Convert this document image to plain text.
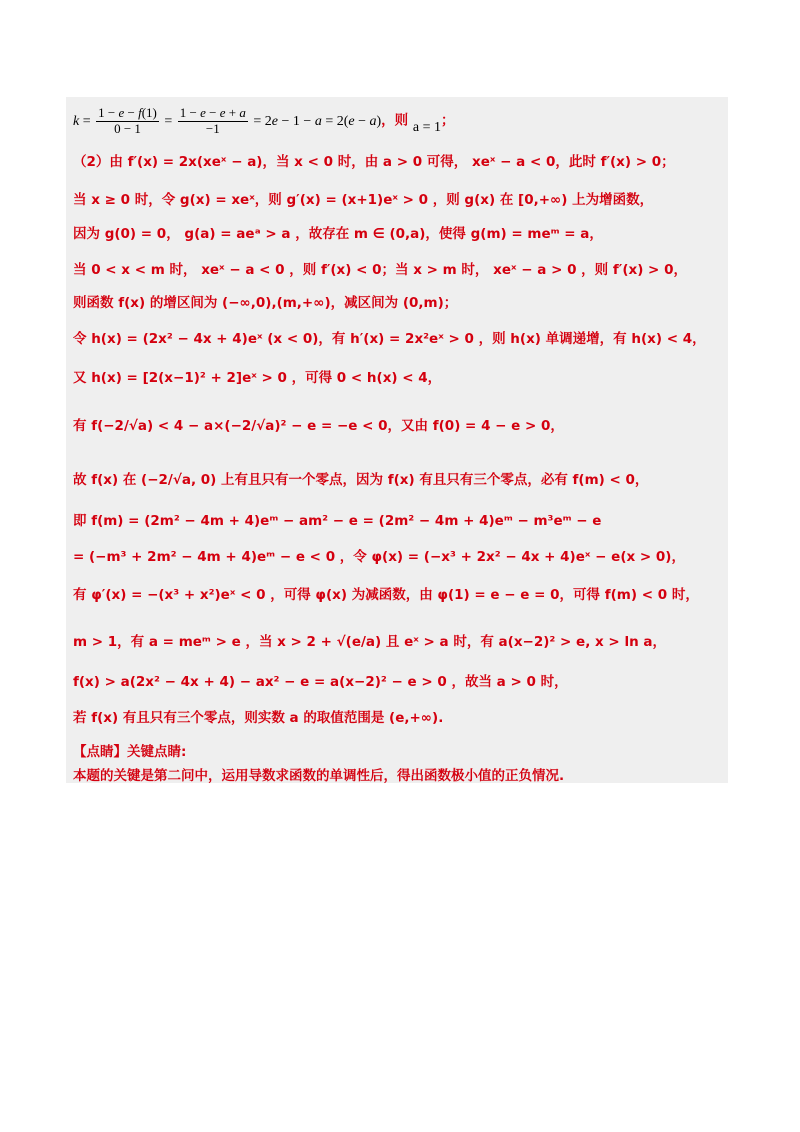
$k = \frac{1 - e - f(1)}{0 - 1} = \frac{1 - e - e + a}{-1} = 2e - 1 - a = 2(e - a)$，则 a = 1；
（2）由 f′(x) = 2x(xeˣ − a)，当 x < 0 时，由 a > 0 可得， xeˣ − a < 0，此时 f′(x) > 0；
当 x ≥ 0 时，令 g(x) = xeˣ，则 g′(x) = (x+1)eˣ > 0 ，则 g(x) 在 [0,+∞) 上为增函数，
因为 g(0) = 0， g(a) = aeᵃ > a ，故存在 m ∈ (0,a)，使得 g(m) = meᵐ = a，
当 0 < x < m 时， xeˣ − a < 0 ，则 f′(x) < 0；当 x > m 时， xeˣ − a > 0 ，则 f′(x) > 0，
则函数 f(x) 的增区间为 (−∞,0),(m,+∞)，减区间为 (0,m)；
令 h(x) = (2x² − 4x + 4)eˣ (x < 0)，有 h′(x) = 2x²eˣ > 0 ，则 h(x) 单调递增，有 h(x) < 4，
又 h(x) = [2(x−1)² + 2]eˣ > 0 ，可得 0 < h(x) < 4，
有 f(−2/√a) < 4 − a×(−2/√a)² − e = −e < 0，又由 f(0) = 4 − e > 0，
故 f(x) 在 (−2/√a, 0) 上有且只有一个零点，因为 f(x) 有且只有三个零点，必有 f(m) < 0，
即 f(m) = (2m² − 4m + 4)eᵐ − am² − e = (2m² − 4m + 4)eᵐ − m³eᵐ − e
= (−m³ + 2m² − 4m + 4)eᵐ − e < 0 ，令 φ(x) = (−x³ + 2x² − 4x + 4)eˣ − e(x > 0)，
有 φ′(x) = −(x³ + x²)eˣ < 0 ，可得 φ(x) 为减函数，由 φ(1) = e − e = 0，可得 f(m) < 0 时，
m > 1，有 a = meᵐ > e ，当 x > 2 + √(e/a) 且 eˣ > a 时，有 a(x−2)² > e, x > ln a，
f(x) > a(2x² − 4x + 4) − ax² − e = a(x−2)² − e > 0 ，故当 a > 0 时，
若 f(x) 有且只有三个零点，则实数 a 的取值范围是 (e,+∞).
【点睛】关键点睛:
本题的关键是第二问中，运用导数求函数的单调性后，得出函数极小值的正负情况.
